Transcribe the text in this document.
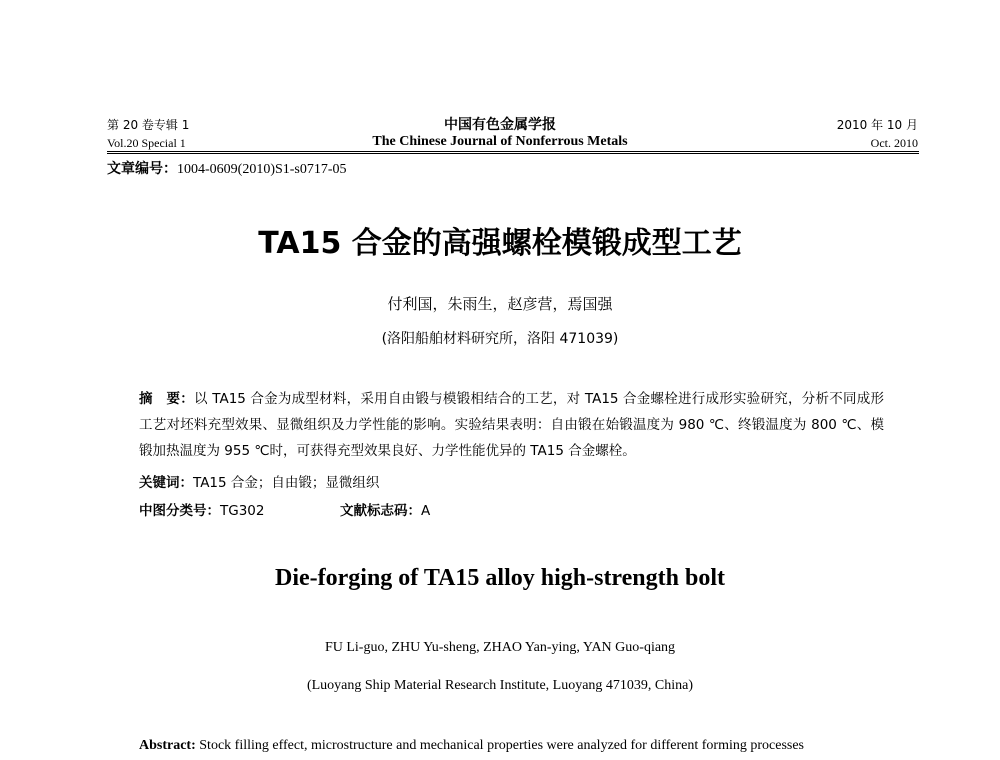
第 20 卷专辑 1
Vol.20 Special 1
中国有色金属学报
The Chinese Journal of Nonferrous Metals
2010 年 10 月
Oct. 2010
文章编号：1004-0609(2010)S1-s0717-05
TA15 合金的高强螺栓模锻成型工艺
付利国，朱雨生，赵彦营，焉国强
(洛阳船舶材料研究所，洛阳 471039)
摘　要：以 TA15 合金为成型材料，采用自由锻与模锻相结合的工艺，对 TA15 合金螺栓进行成形实验研究，分析不同成形工艺对坯料充型效果、显微组织及力学性能的影响。实验结果表明：自由锻在始锻温度为 980 ℃、终锻温度为 800 ℃、模锻加热温度为 955 ℃时，可获得充型效果良好、力学性能优异的 TA15 合金螺栓。
关键词：TA15 合金；自由锻；显微组织
中图分类号：TG302	文献标志码：A
Die-forging of TA15 alloy high-strength bolt
FU Li-guo, ZHU Yu-sheng, ZHAO Yan-ying, YAN Guo-qiang
(Luoyang Ship Material Research Institute, Luoyang 471039, China)
Abstract: Stock filling effect, microstructure and mechanical properties were analyzed for different forming processes
